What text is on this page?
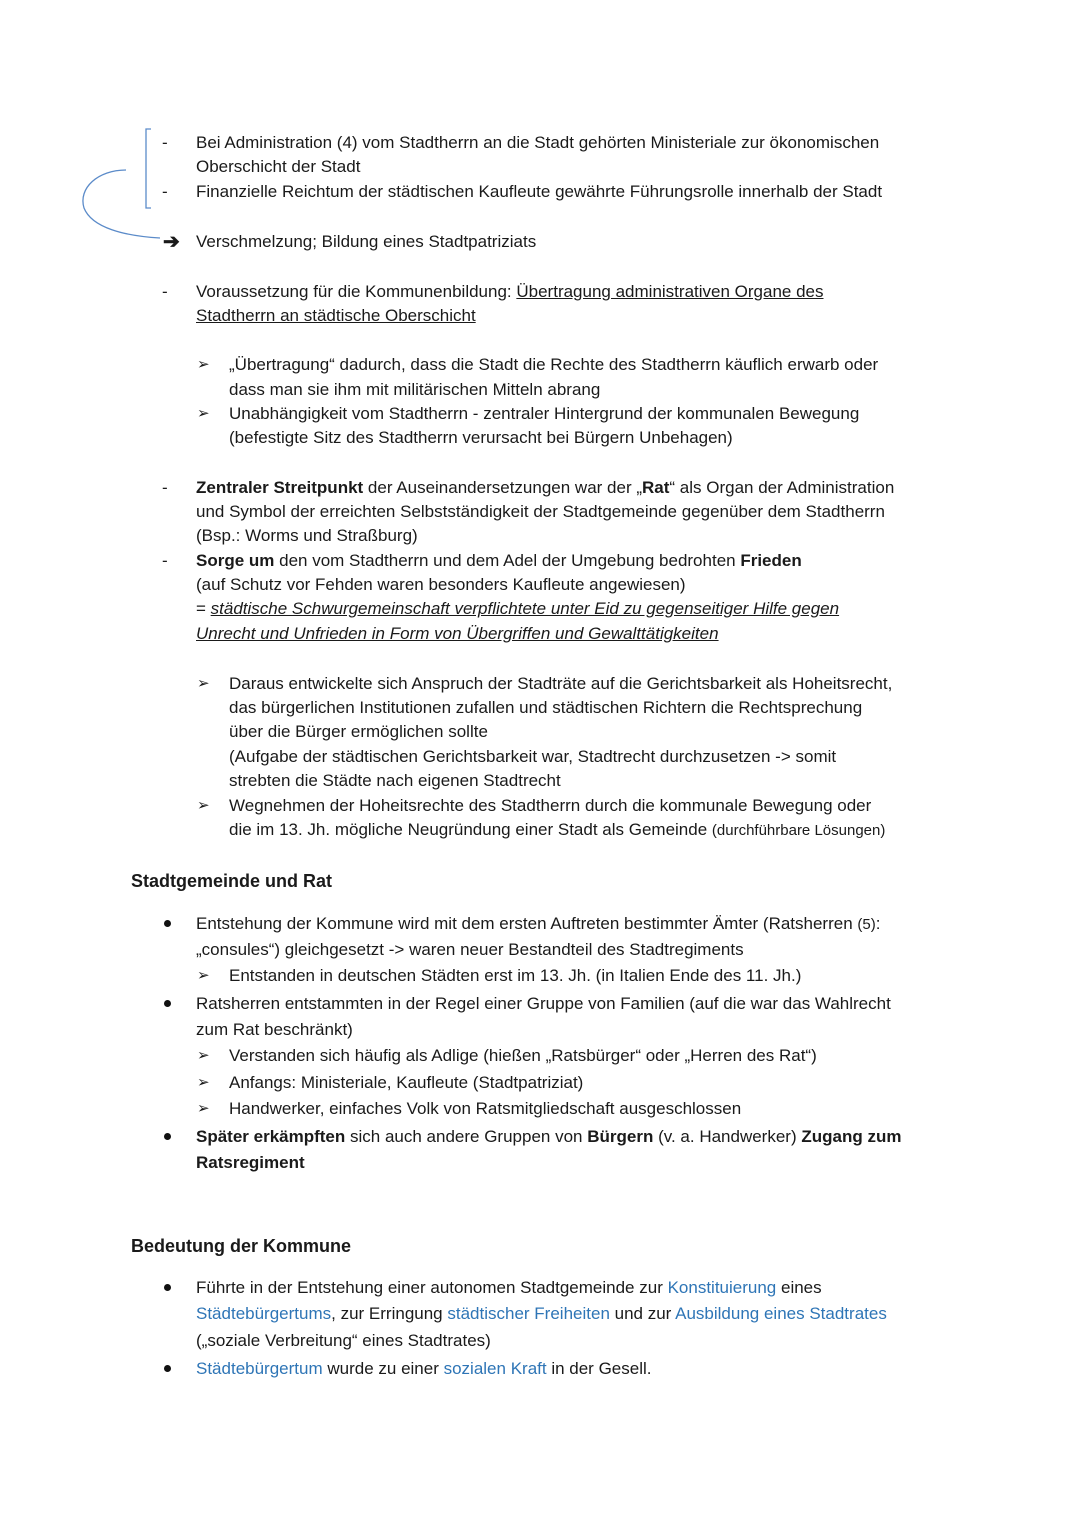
- Bei Administration (4) vom Stadtherrn an die Stadt gehörten Ministeriale zur ökonomischen
Oberschicht der Stadt
- Finanzielle Reichtum der städtischen Kaufleute gewährte Führungsrolle innerhalb der Stadt
➔ Verschmelzung; Bildung eines Stadtpatriziats
- Voraussetzung für die Kommunenbildung: Übertragung administrativen Organe des
Stadtherrn an städtische Oberschicht
➢ „Übertragung“ dadurch, dass die Stadt die Rechte des Stadtherrn käuflich erwarb oder
dass man sie ihm mit militärischen Mitteln abrang
➢ Unabhängigkeit vom Stadtherrn - zentraler Hintergrund der kommunalen Bewegung
(befestigte Sitz des Stadtherrn verursacht bei Bürgern Unbehagen)
- Zentraler Streitpunkt der Auseinandersetzungen war der „Rat“ als Organ der Administration
und Symbol der erreichten Selbstständigkeit der Stadtgemeinde gegenüber dem Stadtherrn
(Bsp.: Worms und Straßburg)
- Sorge um den vom Stadtherrn und dem Adel der Umgebung bedrohten Frieden
(auf Schutz vor Fehden waren besonders Kaufleute angewiesen)
= städtische Schwurgemeinschaft verpflichtete unter Eid zu gegenseitiger Hilfe gegen
Unrecht und Unfrieden in Form von Übergriffen und Gewalttätigkeiten
➢ Daraus entwickelte sich Anspruch der Stadträte auf die Gerichtsbarkeit als Hoheitsrecht,
das bürgerlichen Institutionen zufallen und städtischen Richtern die Rechtsprechung
über die Bürger ermöglichen sollte
(Aufgabe der städtischen Gerichtsbarkeit war, Stadtrecht durchzusetzen -> somit
strebten die Städte nach eigenen Stadtrecht
➢ Wegnehmen der Hoheitsrechte des Stadtherrn durch die kommunale Bewegung oder
die im 13. Jh. mögliche Neugründung einer Stadt als Gemeinde (durchführbare Lösungen)
Stadtgemeinde und Rat
Entstehung der Kommune wird mit dem ersten Auftreten bestimmter Ämter (Ratsherren (5):
„consules“) gleichgesetzt -> waren neuer Bestandteil des Stadtregiments
➢ Entstanden in deutschen Städten erst im 13. Jh. (in Italien Ende des 11. Jh.)
Ratsherren entstammten in der Regel einer Gruppe von Familien (auf die war das Wahlrecht
zum Rat beschränkt)
➢ Verstanden sich häufig als Adlige (hießen „Ratsbürger“ oder „Herren des Rat“)
➢ Anfangs: Ministeriale, Kaufleute (Stadtpatriziat)
➢ Handwerker, einfaches Volk von Ratsmitgliedschaft ausgeschlossen
Später erkämpften sich auch andere Gruppen von Bürgern (v. a. Handwerker) Zugang zum
Ratsregiment
Bedeutung der Kommune
Führte in der Entstehung einer autonomen Stadtgemeinde zur Konstituierung eines
Städtebürgertums, zur Erringung städtischer Freiheiten und zur Ausbildung eines Stadtrates
(„soziale Verbreitung“ eines Stadtrates)
Städtebürgertum wurde zu einer sozialen Kraft in der Gesell.
